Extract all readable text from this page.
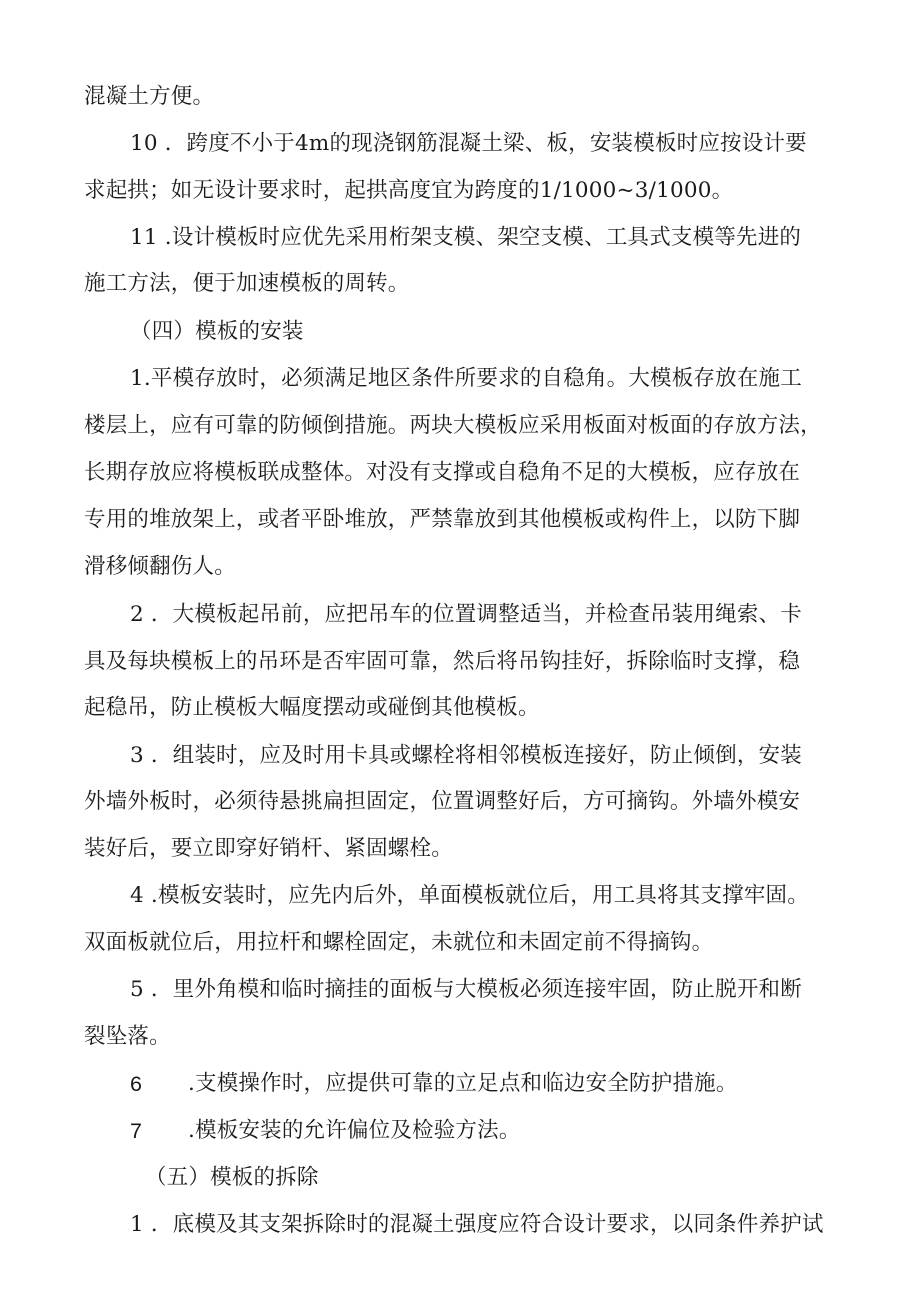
混凝土方便。
10 ．跨度不小于4m的现浇钢筋混凝土梁、板，安装模板时应按设计要
求起拱；如无设计要求时，起拱高度宜为跨度的1/1000~3/1000。
11 .设计模板时应优先采用桁架支模、架空支模、工具式支模等先进的
施工方法，便于加速模板的周转。
（四）模板的安装
1.平模存放时，必须满足地区条件所要求的自稳角。大模板存放在施工
楼层上，应有可靠的防倾倒措施。两块大模板应采用板面对板面的存放方法，
长期存放应将模板联成整体。对没有支撑或自稳角不足的大模板，应存放在
专用的堆放架上，或者平卧堆放，严禁靠放到其他模板或构件上，以防下脚
滑移倾翻伤人。
2 ．大模板起吊前，应把吊车的位置调整适当，并检查吊装用绳索、卡
具及每块模板上的吊环是否牢固可靠，然后将吊钩挂好，拆除临时支撑，稳
起稳吊，防止模板大幅度摆动或碰倒其他模板。
3 ．组装时，应及时用卡具或螺栓将相邻模板连接好，防止倾倒，安装
外墙外板时，必须待悬挑扁担固定，位置调整好后，方可摘钩。外墙外模安
装好后，要立即穿好销杆、紧固螺栓。
4 .模板安装时，应先内后外，单面模板就位后，用工具将其支撑牢固。
双面板就位后，用拉杆和螺栓固定，未就位和未固定前不得摘钩。
5 ．里外角模和临时摘挂的面板与大模板必须连接牢固，防止脱开和断
裂坠落。
6 .支模操作时，应提供可靠的立足点和临边安全防护措施。
7 .模板安装的允许偏位及检验方法。
（五）模板的拆除
1 ．底模及其支架拆除时的混凝土强度应符合设计要求，以同条件养护试
